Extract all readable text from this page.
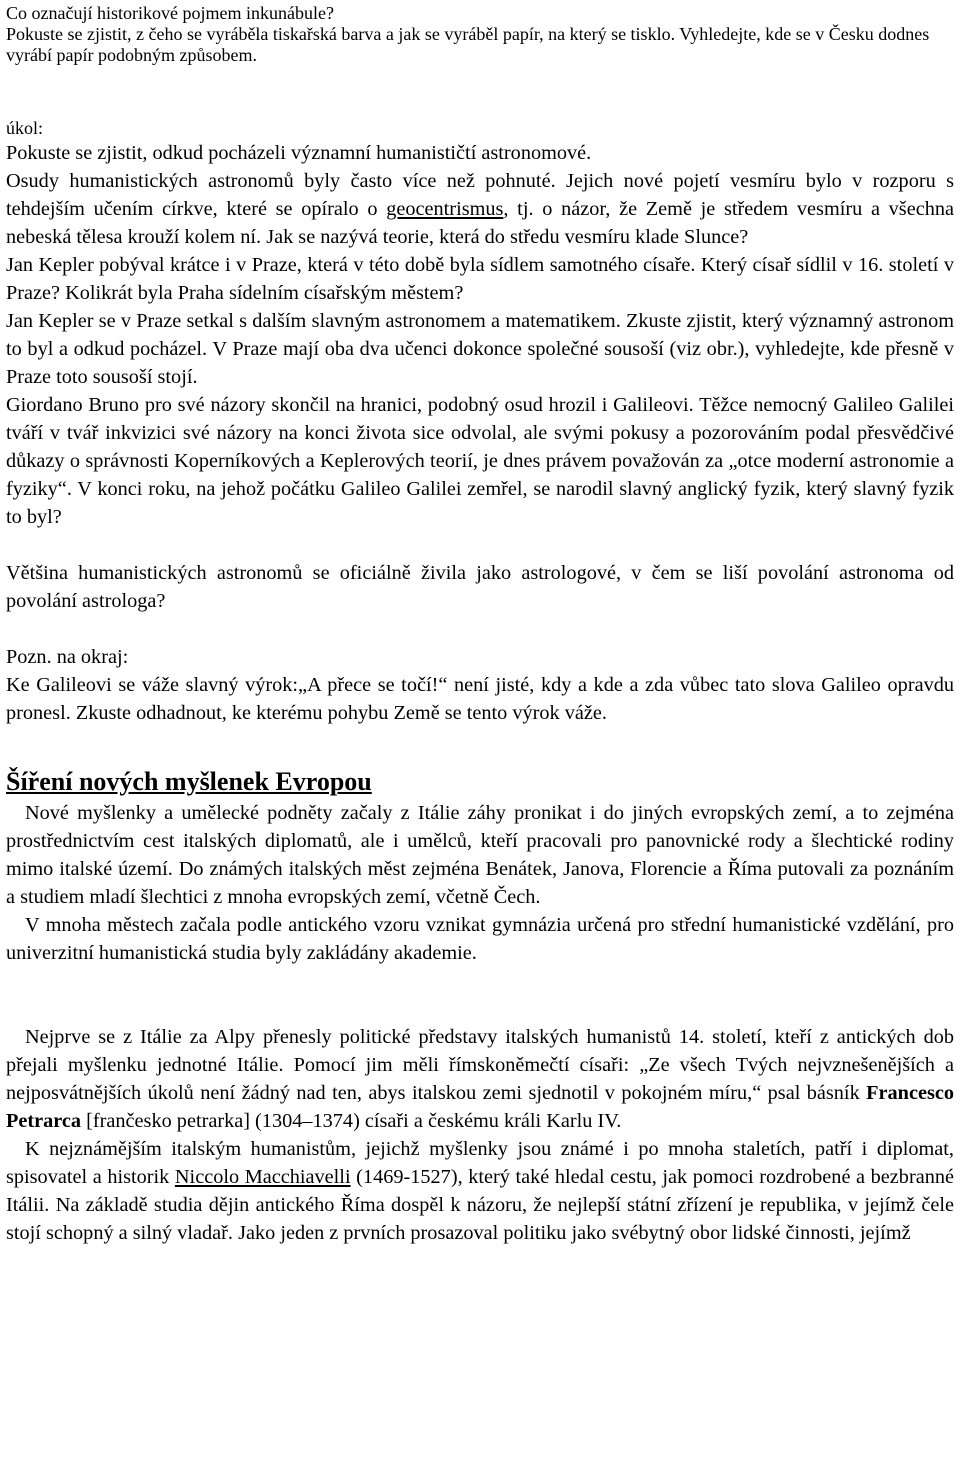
Co označují historikové pojmem inkunábule?

Pokuste se zjistit, z čeho se vyráběla tiskařská barva a jak se vyráběl papír, na který se tisklo. Vyhledejte, kde se v Česku dodnes vyrábí papír podobným způsobem.

úkol:

Pokuste se zjistit, odkud pocházeli významní humanističtí astronomové.

Osudy humanistických astronomů byly často více než pohnuté. Jejich nové pojetí vesmíru bylo v rozporu s tehdejším učením církve, které se opíralo o geocentrismus, tj. o názor, že Země je středem vesmíru a všechna nebeská tělesa krouží kolem ní. Jak se nazývá teorie, která do středu vesmíru klade Slunce?

Jan Kepler pobýval krátce i v Praze, která v této době byla sídlem samotného císaře. Který císař sídlil v 16. století v Praze? Kolikrát byla Praha sídelním císařským městem?

Jan Kepler se v Praze setkal s dalším slavným astronomem a matematikem. Zkuste zjistit, který významný astronom to byl a odkud pocházel. V Praze mají oba dva učenci dokonce společné sousoší (viz obr.), vyhledejte, kde přesně v Praze toto sousoší stojí.

Giordano Bruno pro své názory skončil na hranici, podobný osud hrozil i Galileovi. Těžce nemocný Galileo Galilei tváří v tvář inkvizici své názory na konci života sice odvolal, ale svými pokusy a pozorováním podal přesvědčivé důkazy o správnosti Koperníkových a Keplerových teorií, je dnes právem považován za „otce moderní astronomie a fyziky“. V konci roku, na jehož počátku Galileo Galilei zemřel, se narodil slavný anglický fyzik, který slavný fyzik to byl?

Většina humanistických astronomů se oficiálně živila jako astrologové, v čem se liší povolání astronoma od povolání astrologa?

Pozn. na okraj:

Ke Galileovi se váže slavný výrok:„A přece se točí!“ není jisté, kdy a kde a zda vůbec tato slova Galileo opravdu pronesl. Zkuste odhadnout, ke kterému pohybu Země se tento výrok váže.

Šíření nových myšlenek Evropou

Nové myšlenky a umělecké podněty začaly z Itálie záhy pronikat i do jiných evropských zemí, a to zejména prostřednictvím cest italských diplomatů, ale i umělců, kteří pracovali pro panovnické rody a šlechtické rodiny mimo italské území. Do známých italských měst zejména Benátek, Janova, Florencie a Říma putovali za poznáním a studiem mladí šlechtici z mnoha evropských zemí, včetně Čech.

V mnoha městech začala podle antického vzoru vznikat gymnázia určená pro střední humanistické vzdělání, pro univerzitní humanistická studia byly zakládány akademie.

Nejprve se z Itálie za Alpy přenesly politické představy italských humanistů 14. století, kteří z antických dob přejali myšlenku jednotné Itálie. Pomocí jim měli římskoněmečtí císaři: „Ze všech Tvých nejvznešenějších a nejposvátnějších úkolů není žádný nad ten, abys italskou zemi sjednotil v pokojném míru,“ psal básník Francesco Petrarca [frančesko petrarka] (1304–1374) císaři a českému králi Karlu IV.

K nejznámějším italským humanistům, jejichž myšlenky jsou známé i po mnoha staletích, patří i diplomat, spisovatel a historik Niccolo Macchiavelli (1469-1527), který také hledal cestu, jak pomoci rozdrobené a bezbranné Itálii. Na základě studia dějin antického Říma dospěl k názoru, že nejlepší státní zřízení je republika, v jejímž čele stojí schopný a silný vladař. Jako jeden z prvních prosazoval politiku jako svébytný obor lidské činnosti, jejímž
